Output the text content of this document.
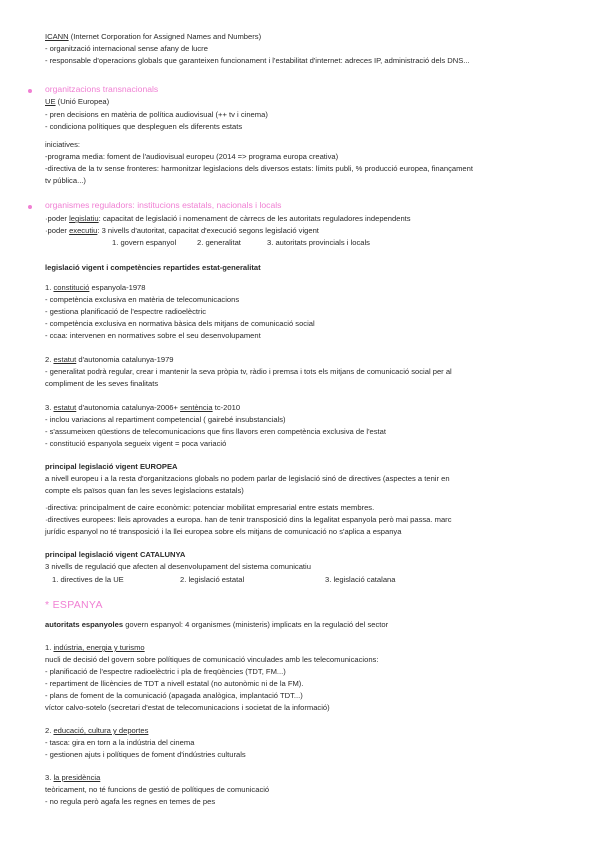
ICANN (Internet Corporation for Assigned Names and Numbers)
- organització internacional sense afany de lucre
- responsable d'operacions globals que garanteixen funcionament i l'estabilitat d'internet: adreces IP, administració dels DNS...
organitzacions transnacionals
UE (Unió Europea)
- pren decisions en matèria de política audiovisual (++ tv i cinema)
- condiciona polítiques que despleguen els diferents estats
iniciatives:
-programa media: foment de l'audiovisual europeu (2014 => programa europa creativa)
-directiva de la tv sense fronteres: harmonitzar legislacions dels diversos estats: límits publi, % producció europea, finançament
tv pública...)
organismes reguladors: institucions estatals, nacionals i locals
·poder legislatiu: capacitat de legislació i nomenament de càrrecs de les autoritats reguladores independents
·poder executiu: 3 nivells d'autoritat, capacitat d'execució segons legislació vigent
1. govern espanyol	2. generalitat	3. autoritats provincials i locals
legislació vigent i competències repartides estat-generalitat
1. constitució espanyola-1978
- competència exclusiva en matèria de telecomunicacions
- gestiona planificació de l'espectre radioelèctric
- competència exclusiva en normativa bàsica dels mitjans de comunicació social
- ccaa: intervenen en normatives sobre el seu desenvolupament
2. estatut d'autonomia catalunya-1979
- generalitat podrà regular, crear i mantenir la seva pròpia tv, ràdio i premsa i tots els mitjans de comunicació social per al
compliment de les seves finalitats
3. estatut d'autonomia catalunya-2006+ sentència tc-2010
- inclou variacions al repartiment competencial ( gairebé insubstancials)
- s'assumeixen qüestions de telecomunicacions que fins llavors eren competència exclusiva de l'estat
- constitució espanyola segueix vigent = poca variació
principal legislació vigent EUROPEA
a nivell europeu i a la resta d'organitzacions globals no podem parlar de legislació sinó de directives (aspectes a tenir en
compte els països quan fan les seves legislacions estatals)
·directiva: principalment de caire econòmic: potenciar mobilitat empresarial entre estats membres.
·directives europees: lleis aprovades a europa. han de tenir transposició dins la legalitat espanyola però mai passa. marc
jurídic espanyol no té transposició i la llei europea sobre els mitjans de comunicació no s'aplica a espanya
principal legislació vigent CATALUNYA
3 nivells de regulació que afecten al desenvolupament del sistema comunicatiu
1. directives de la UE	2. legislació estatal	3. legislació catalana
* ESPANYA
autoritats espanyoles govern espanyol: 4 organismes (ministeris) implicats en la regulació del sector
1. indústria, energia y turismo
nucli de decisió del govern sobre polítiques de comunicació vinculades amb les telecomunicacions:
- planificació de l'espectre radioelèctric i pla de freqüències (TDT, FM...)
- repartiment de llicències de TDT a nivell estatal (no autonòmic ni de la FM).
- plans de foment de la comunicació (apagada analògica, implantació TDT...)
víctor calvo-sotelo (secretari d'estat de telecomunicacions i societat de la informació)
2. educació, cultura y deportes
- tasca: gira en torn a la indústria del cinema
- gestionen ajuts i polítiques de foment d'indústries culturals
3. la presidència
teòricament, no té funcions de gestió de polítiques de comunicació
- no regula però agafa les regnes en temes de pes
